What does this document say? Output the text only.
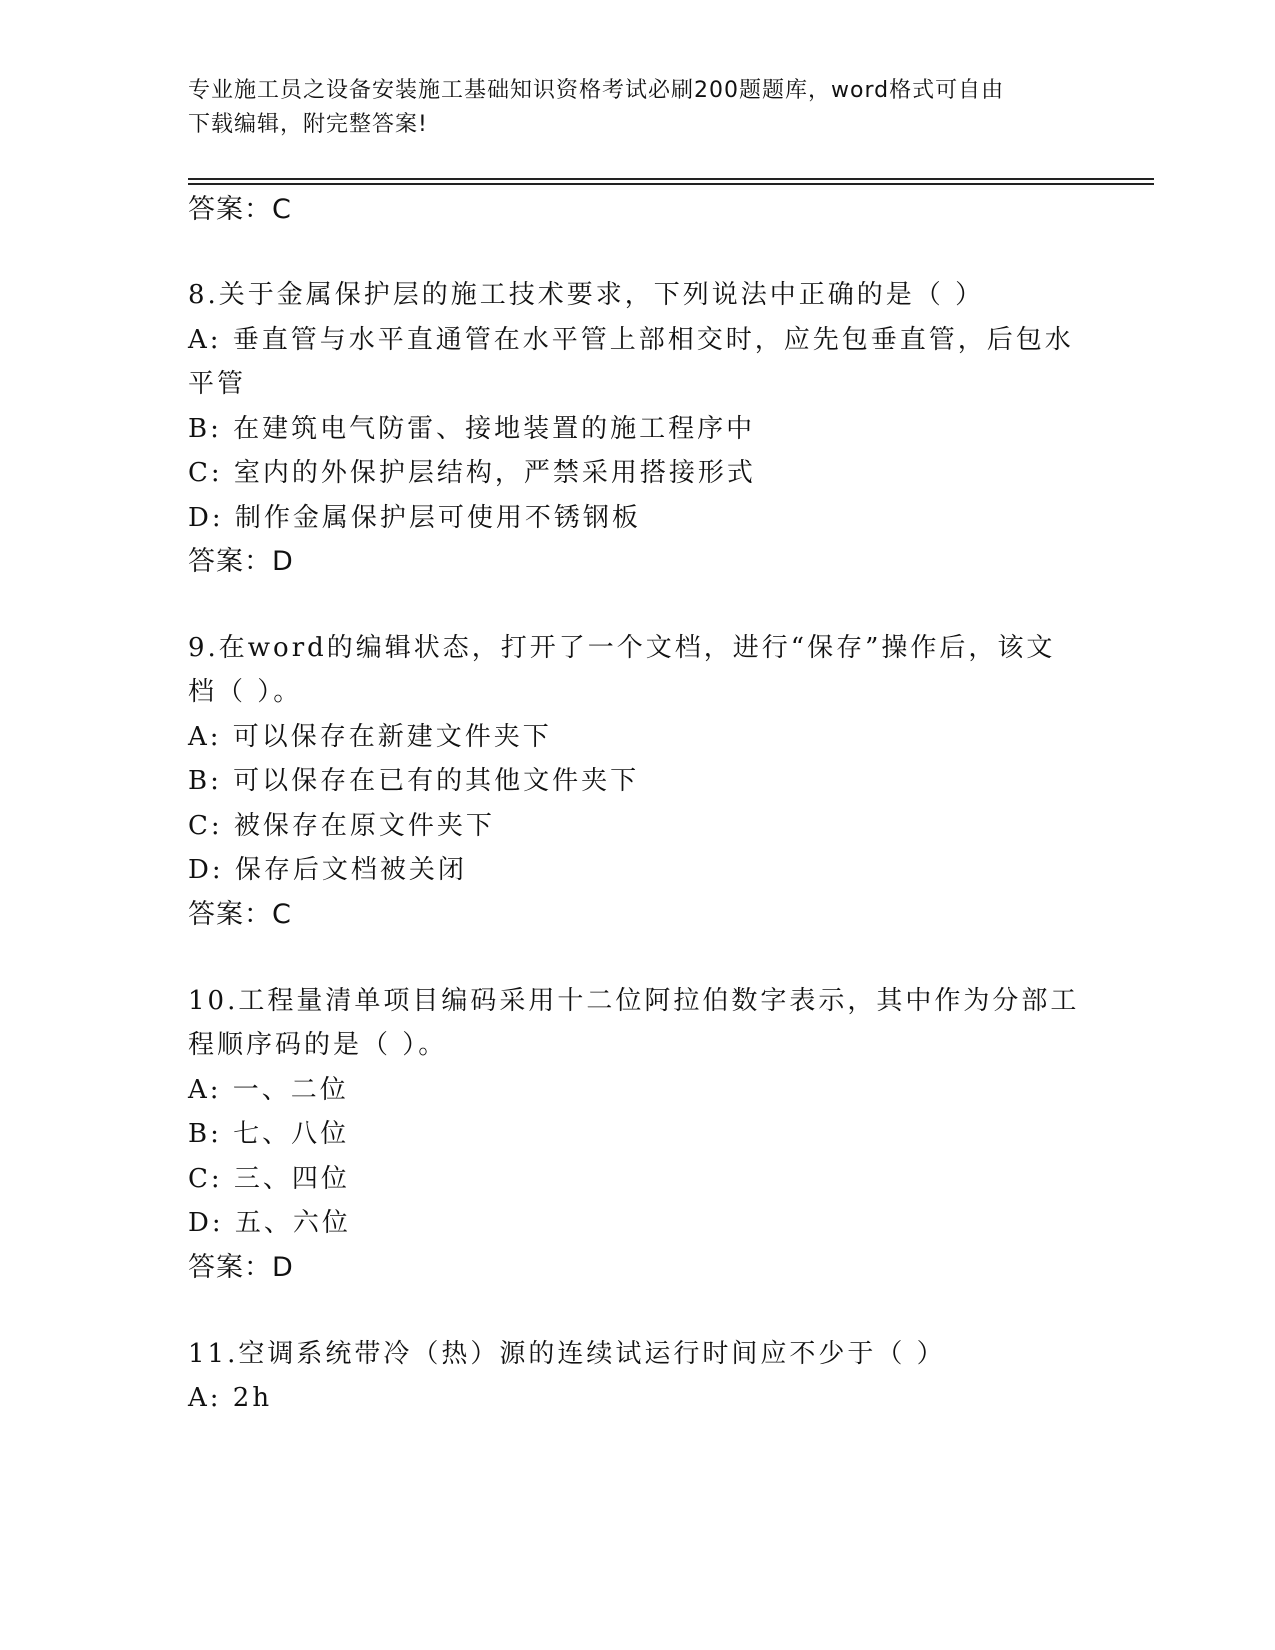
专业施工员之设备安装施工基础知识资格考试必刷200题题库，word格式可自由
下载编辑，附完整答案!
答案：C
8.关于金属保护层的施工技术要求，下列说法中正确的是（ ）
A: 垂直管与水平直通管在水平管上部相交时，应先包垂直管，后包水
平管
B: 在建筑电气防雷、接地装置的施工程序中
C: 室内的外保护层结构，严禁采用搭接形式
D: 制作金属保护层可使用不锈钢板
答案：D
9.在word的编辑状态，打开了一个文档，进行“保存”操作后，该文
档（ ）。
A: 可以保存在新建文件夹下
B: 可以保存在已有的其他文件夹下
C: 被保存在原文件夹下
D: 保存后文档被关闭
答案：C
10.工程量清单项目编码采用十二位阿拉伯数字表示，其中作为分部工
程顺序码的是（ ）。
A: 一、二位
B: 七、八位
C: 三、四位
D: 五、六位
答案：D
11.空调系统带冷（热）源的连续试运行时间应不少于（ ）
A: 2h
